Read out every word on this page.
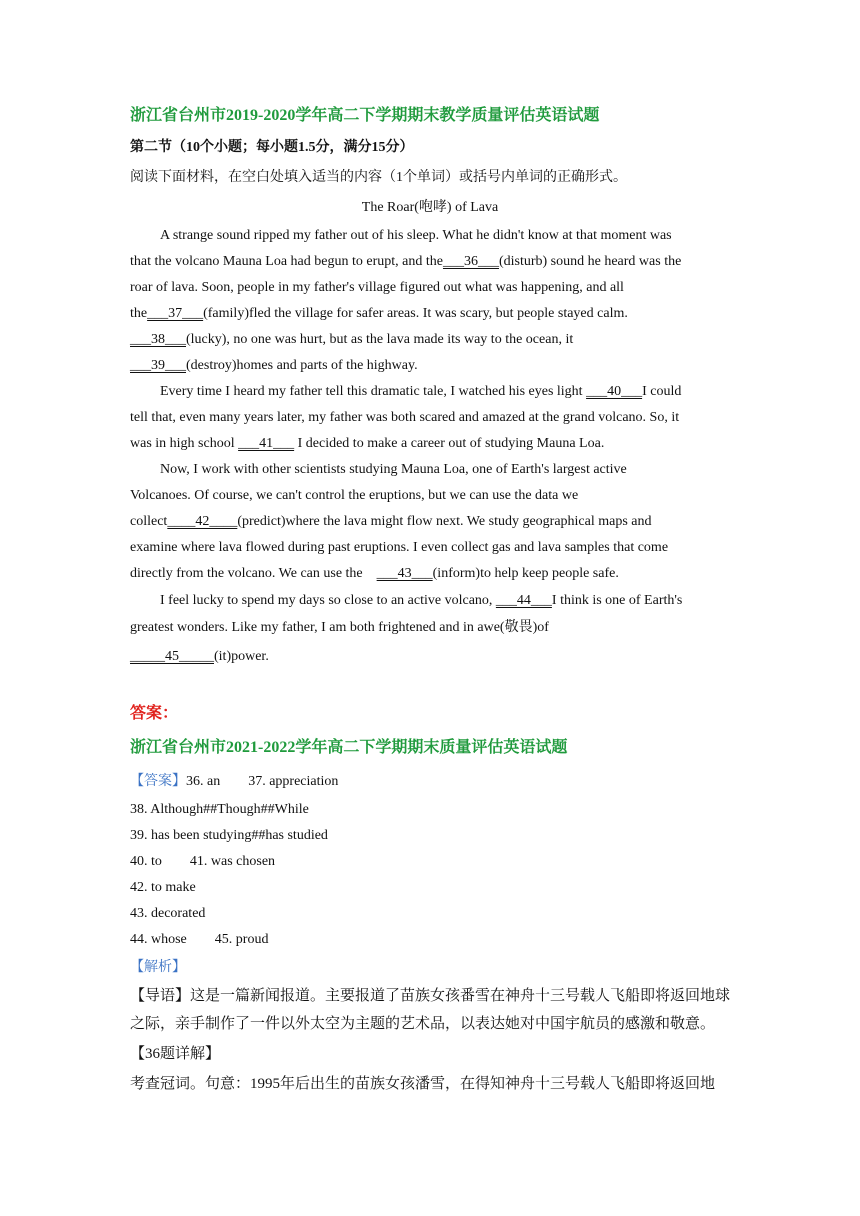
浙江省台州市2019-2020学年高二下学期期末教学质量评估英语试题
第二节（10个小题；每小题1.5分，满分15分）
阅读下面材料，在空白处填入适当的内容（1个单词）或括号内单词的正确形式。
The Roar(咆哮) of Lava
A strange sound ripped my father out of his sleep. What he didn't know at that moment was
that the volcano Mauna Loa had begun to erupt, and the___36___(disturb) sound he heard was the
roar of lava. Soon, people in my father's village figured out what was happening, and all
the___37___(family)fled the village for safer areas. It was scary, but people stayed calm.
___38___(lucky), no one was hurt, but as the lava made its way to the ocean, it
___39___(destroy)homes and parts of the highway.
Every time I heard my father tell this dramatic tale, I watched his eyes light ___40___I could
tell that, even many years later, my father was both scared and amazed at the grand volcano. So, it
was in high school ___41___ I decided to make a career out of studying Mauna Loa.
Now, I work with other scientists studying Mauna Loa, one of Earth's largest active
Volcanoes. Of course, we can't control the eruptions, but we can use the data we
collect____42____(predict)where the lava might flow next. We study geographical maps and
examine where lava flowed during past eruptions. I even collect gas and lava samples that come
directly from the volcano. We can use the    ___43___(inform)to help keep people safe.
I feel lucky to spend my days so close to an active volcano, ___44___I think is one of Earth's
greatest wonders. Like my father, I am both frightened and in awe(敬畏)of
_____45_____(it)power.
答案：
浙江省台州市2021-2022学年高二下学期期末质量评估英语试题
【答案】36. an 37. appreciation
38. Although##Though##While
39. has been studying##has studied
40. to 41. was chosen
42. to make
43. decorated
44. whose 45. proud
【解析】
【导语】这是一篇新闻报道。主要报道了苗族女孩番雪在神舟十三号载人飞船即将返回地球
之际，亲手制作了一件以外太空为主题的艺术品，以表达她对中国宇航员的感激和敬意。
【36题详解】
考查冠词。句意：1995年后出生的苗族女孩潘雪，在得知神舟十三号载人飞船即将返回地
